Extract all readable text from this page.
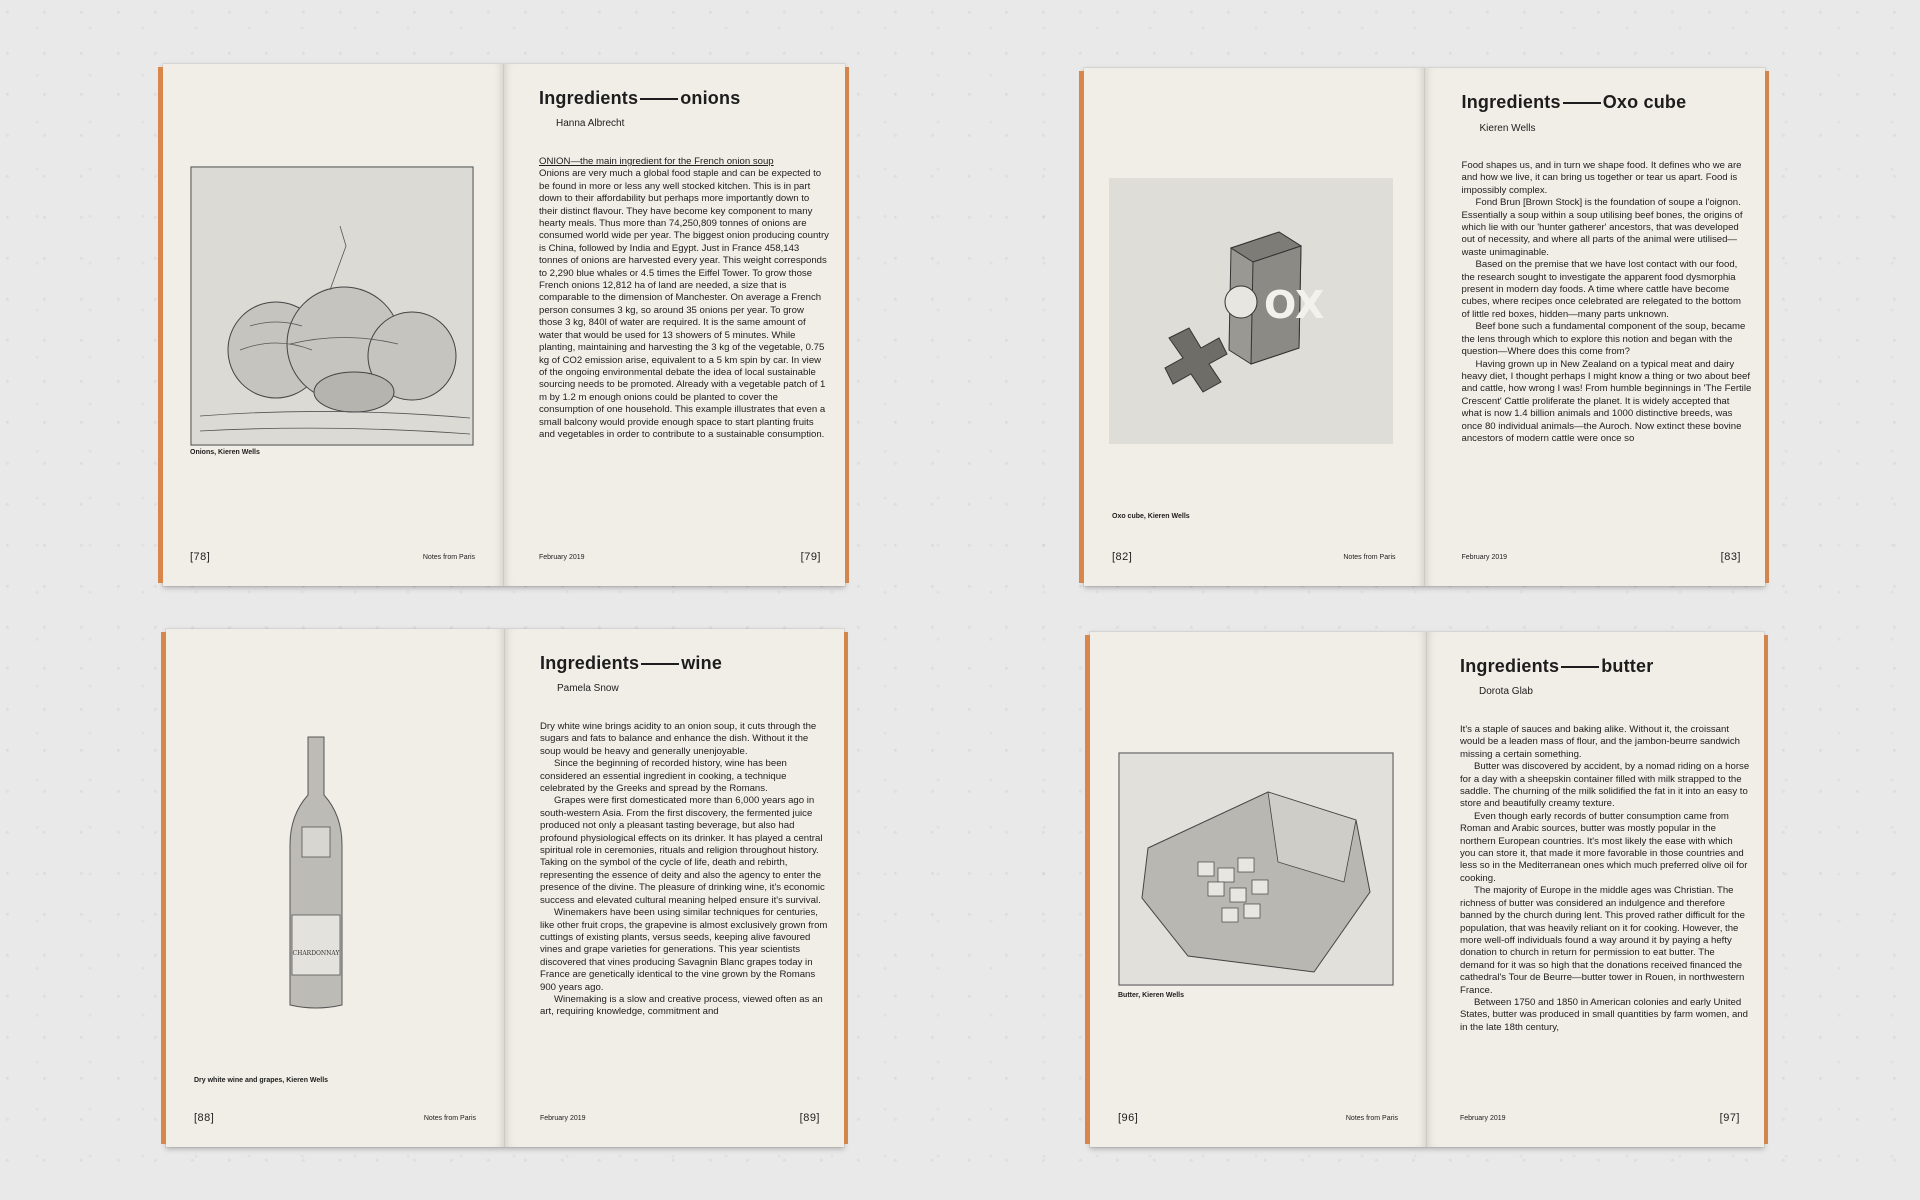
Onions, Kieren Wells
[78]	Notes from Paris
Ingredients onions
Hanna Albrecht

ONION—the main ingredient for the French onion soup

Onions are very much a global food staple and can be expected to be found in more or less any well stocked kitchen. This is in part down to their affordability but perhaps more importantly down to their distinct flavour. They have become key component to many hearty meals. Thus more than 74,250,809 tonnes of onions are consumed world wide per year. The biggest onion producing country is China, followed by India and Egypt. Just in France 458,143 tonnes of onions are harvested every year. This weight corresponds to 2,290 blue whales or 4.5 times the Eiffel Tower. To grow those French onions 12,812 ha of land are needed, a size that is comparable to the dimension of Manchester. On average a French person consumes 3 kg, so around 35 onions per year. To grow those 3 kg, 840l of water are required. It is the same amount of water that would be used for 13 showers of 5 minutes. While planting, maintaining and harvesting the 3 kg of the vegetable, 0.75 kg of CO2 emission arise, equivalent to a 5 km spin by car. In view of the ongoing environmental debate the idea of local sustainable sourcing needs to be promoted. Already with a vegetable patch of 1 m by 1.2 m enough onions could be planted to cover the consumption of one household. This example illustrates that even a small balcony would provide enough space to start planting fruits and vegetables in order to contribute to a sustainable consumption.

February 2019	[79]
OX
Oxo cube, Kieren Wells
[82]	Notes from Paris
Ingredients Oxo cube
Kieren Wells

Food shapes us, and in turn we shape food. It defines who we are and how we live, it can bring us together or tear us apart. Food is impossibly complex.

Fond Brun [Brown Stock] is the foundation of soupe a l'oignon. Essentially a soup within a soup utilising beef bones, the origins of which lie with our 'hunter gatherer' ancestors, that was developed out of necessity, and where all parts of the animal were utilised—waste unimaginable.

Based on the premise that we have lost contact with our food, the research sought to investigate the apparent food dysmorphia present in modern day foods. A time where cattle have become cubes, where recipes once celebrated are relegated to the bottom of little red boxes, hidden—many parts unknown.

Beef bone such a fundamental component of the soup, became the lens through which to explore this notion and began with the question—Where does this come from?

Having grown up in New Zealand on a typical meat and dairy heavy diet, I thought perhaps I might know a thing or two about beef and cattle, how wrong I was! From humble beginnings in 'The Fertile Crescent' Cattle proliferate the planet. It is widely accepted that what is now 1.4 billion animals and 1000 distinctive breeds, was once 80 individual animals—the Auroch. Now extinct these bovine ancestors of modern cattle were once so

February 2019	[83]
CHARDONNAY
Dry white wine and grapes, Kieren Wells
[88]	Notes from Paris
Ingredients wine
Pamela Snow

Dry white wine brings acidity to an onion soup, it cuts through the sugars and fats to balance and enhance the dish. Without it the soup would be heavy and generally unenjoyable.

Since the beginning of recorded history, wine has been considered an essential ingredient in cooking, a technique celebrated by the Greeks and spread by the Romans.

Grapes were first domesticated more than 6,000 years ago in south-western Asia. From the first discovery, the fermented juice produced not only a pleasant tasting beverage, but also had profound physiological effects on its drinker. It has played a central spiritual role in ceremonies, rituals and religion throughout history. Taking on the symbol of the cycle of life, death and rebirth, representing the essence of deity and also the agency to enter the presence of the divine. The pleasure of drinking wine, it's economic success and elevated cultural meaning helped ensure it's survival.

Winemakers have been using similar techniques for centuries, like other fruit crops, the grapevine is almost exclusively grown from cuttings of existing plants, versus seeds, keeping alive favoured vines and grape varieties for generations. This year scientists discovered that vines producing Savagnin Blanc grapes today in France are genetically identical to the vine grown by the Romans 900 years ago.

Winemaking is a slow and creative process, viewed often as an art, requiring knowledge, commitment and

February 2019	[89]
Butter, Kieren Wells
[96]	Notes from Paris
Ingredients butter
Dorota Glab

It's a staple of sauces and baking alike. Without it, the croissant would be a leaden mass of flour, and the jambon-beurre sandwich missing a certain something.

Butter was discovered by accident, by a nomad riding on a horse for a day with a sheepskin container filled with milk strapped to the saddle. The churning of the milk solidified the fat in it into an easy to store and beautifully creamy texture.

Even though early records of butter consumption came from Roman and Arabic sources, butter was mostly popular in the northern European countries. It's most likely the ease with which you can store it, that made it more favorable in those countries and less so in the Mediterranean ones which much preferred olive oil for cooking.

The majority of Europe in the middle ages was Christian. The richness of butter was considered an indulgence and therefore banned by the church during lent. This proved rather difficult for the population, that was heavily reliant on it for cooking. However, the more well-off individuals found a way around it by paying a hefty donation to church in return for permission to eat butter. The demand for it was so high that the donations received financed the cathedral's Tour de Beurre—butter tower in Rouen, in northwestern France.

Between 1750 and 1850 in American colonies and early United States, butter was produced in small quantities by farm women, and in the late 18th century,

February 2019	[97]
